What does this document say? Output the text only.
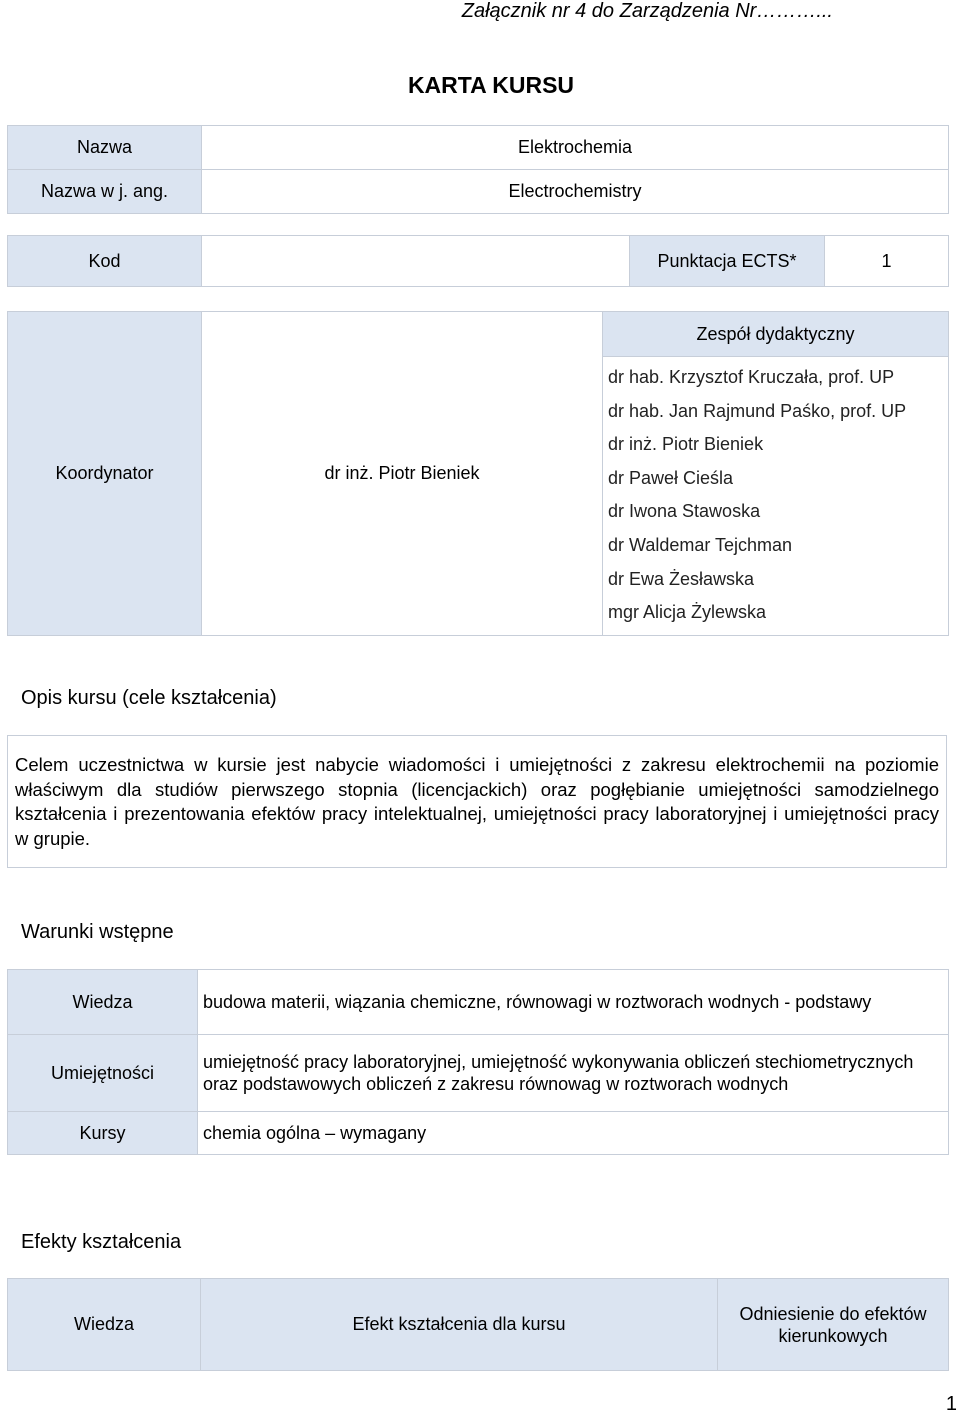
Załącznik nr 4 do Zarządzenia Nr………...
KARTA KURSU
Nazwa	Elektrochemia
Nazwa w j. ang.	Electrochemistry
Kod		Punktacja ECTS*	1
Koordynator	dr inż. Piotr Bieniek	Zespół dydaktyczny

dr hab. Krzysztof Kruczała, prof. UP
dr hab. Jan Rajmund Paśko, prof. UP
dr inż. Piotr Bieniek
dr Paweł Cieśla
dr Iwona Stawoska
dr Waldemar Tejchman
dr Ewa Żesławska
mgr Alicja Żylewska
Opis kursu (cele kształcenia)
Celem uczestnictwa w kursie jest nabycie wiadomości i umiejętności z zakresu elektrochemii na poziomie właściwym dla studiów pierwszego stopnia (licencjackich) oraz pogłębianie umiejętności samodzielnego kształcenia i prezentowania efektów pracy intelektualnej, umiejętności pracy laboratoryjnej i umiejętności pracy w grupie.
Warunki wstępne
Wiedza	budowa materii, wiązania chemiczne, równowagi w roztworach wodnych - podstawy
Umiejętności	umiejętność pracy laboratoryjnej, umiejętność wykonywania obliczeń stechiometrycznych oraz podstawowych obliczeń z zakresu równowag w roztworach wodnych
Kursy	chemia ogólna – wymagany
Efekty kształcenia
Wiedza	Efekt kształcenia dla kursu	Odniesienie do efektów kierunkowych
1
